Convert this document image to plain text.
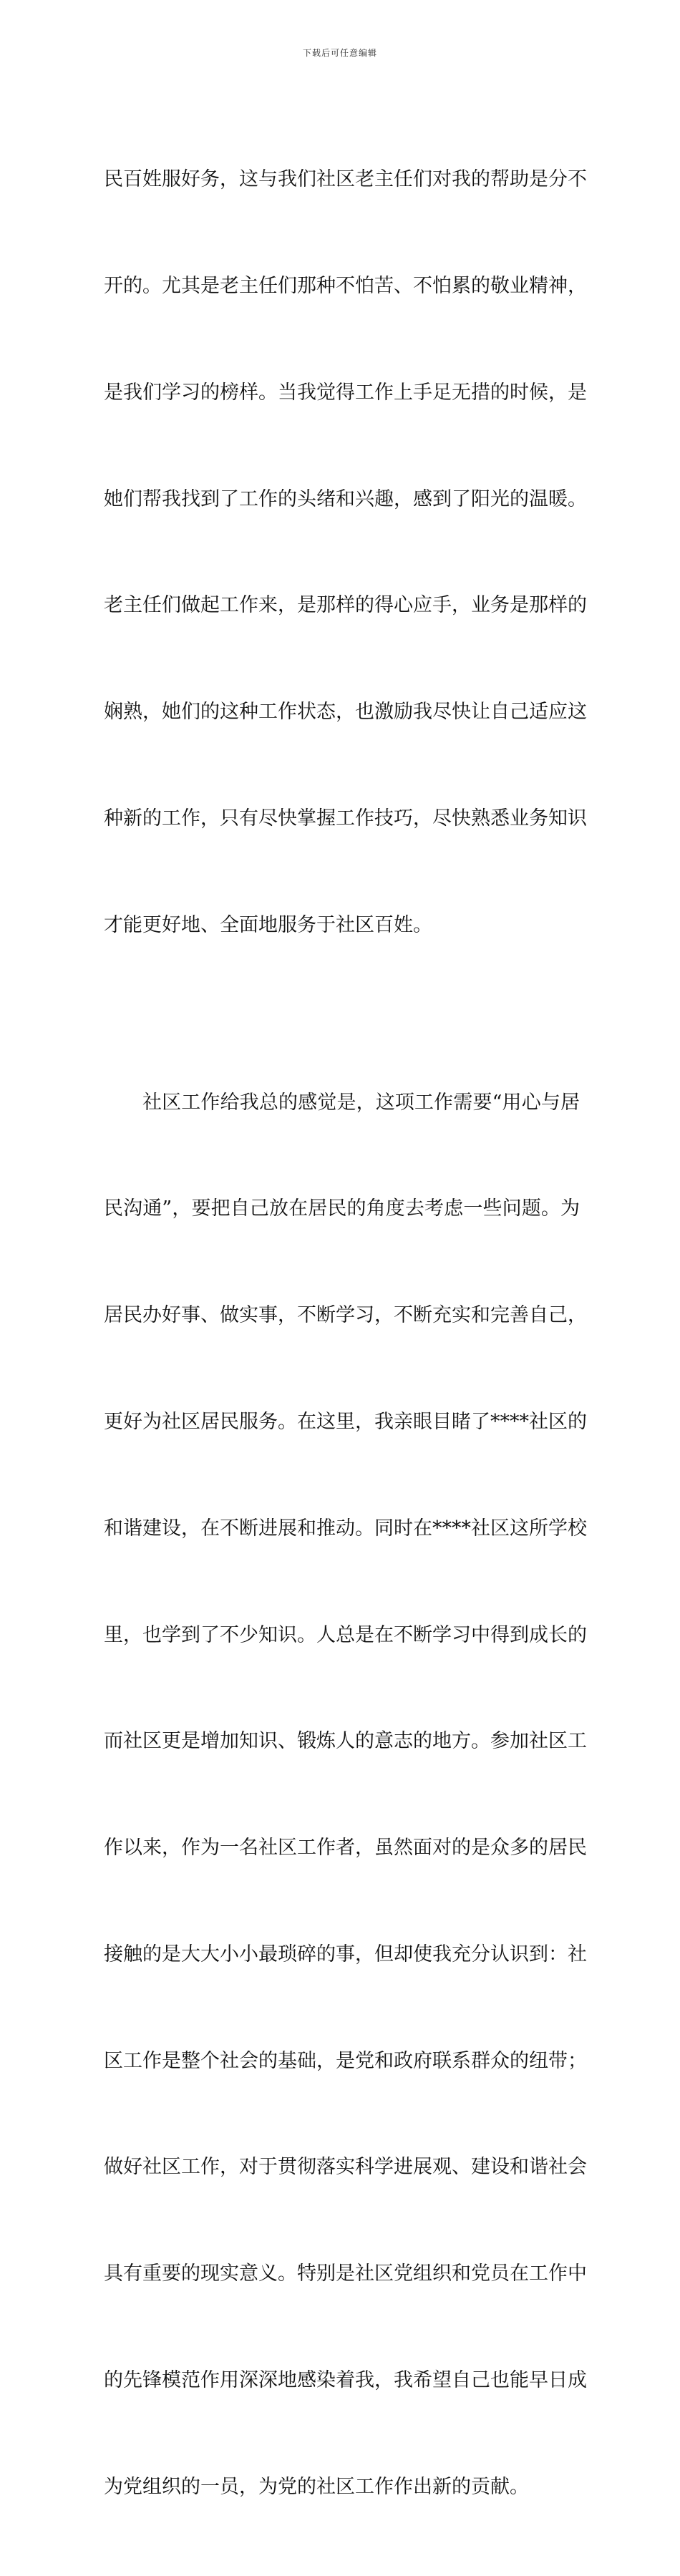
下载后可任意编辑

民百姓服好务，这与我们社区老主任们对我的帮助是分不

开的。尤其是老主任们那种不怕苦、不怕累的敬业精神，

是我们学习的榜样。当我觉得工作上手足无措的时候，是

她们帮我找到了工作的头绪和兴趣，感到了阳光的温暖。

老主任们做起工作来，是那样的得心应手，业务是那样的

娴熟，她们的这种工作状态，也激励我尽快让自己适应这

种新的工作，只有尽快掌握工作技巧，尽快熟悉业务知识

才能更好地、全面地服务于社区百姓。

社区工作给我总的感觉是，这项工作需要“用心与居

民沟通”，要把自己放在居民的角度去考虑一些问题。为

居民办好事、做实事，不断学习，不断充实和完善自己，

更好为社区居民服务。在这里，我亲眼目睹了****社区的

和谐建设，在不断进展和推动。同时在****社区这所学校

里，也学到了不少知识。人总是在不断学习中得到成长的

而社区更是增加知识、锻炼人的意志的地方。参加社区工

作以来，作为一名社区工作者，虽然面对的是众多的居民

接触的是大大小小最琐碎的事，但却使我充分认识到：社

区工作是整个社会的基础，是党和政府联系群众的纽带；

做好社区工作，对于贯彻落实科学进展观、建设和谐社会

具有重要的现实意义。特别是社区党组织和党员在工作中

的先锋模范作用深深地感染着我，我希望自己也能早日成

为党组织的一员，为党的社区工作作出新的贡献。
